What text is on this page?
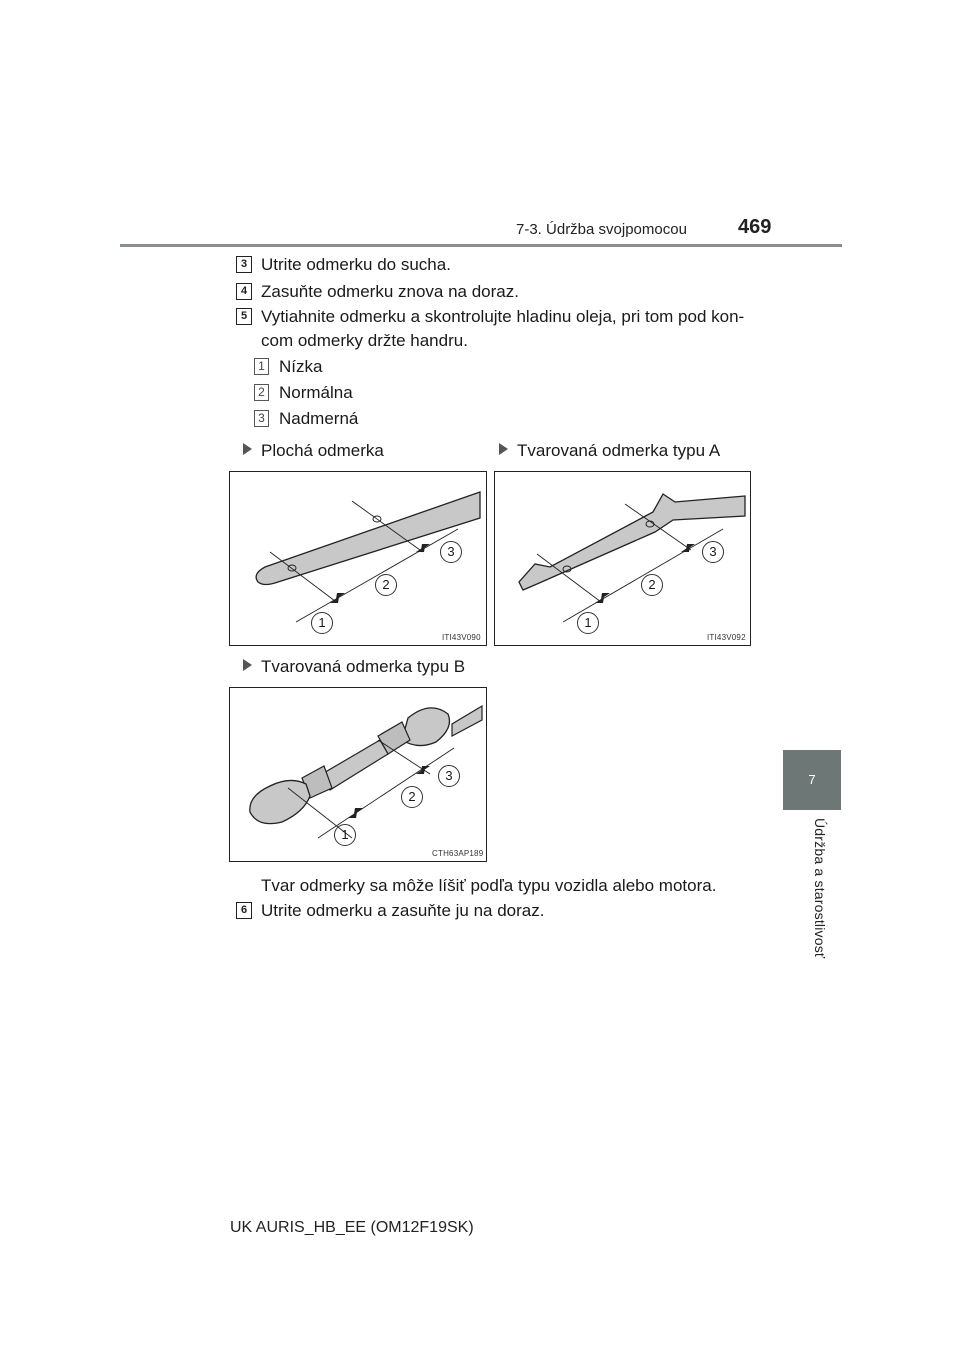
7-3. Údržba svojpomocou	469
7
Údržba a starostlivosť
3 Utrite odmerku do sucha.
4 Zasuňte odmerku znova na doraz.
5 Vytiahnite odmerku a skontrolujte hladinu oleja, pri tom pod kon-
com odmerky držte handru.
1 Nízka
2 Normálna
3 Nadmerná
Plochá odmerka	Tvarovaná odmerka typu A
1
2
3
ITI43V090
1
2
3
ITI43V092
Tvarovaná odmerka typu B
1
2
3
CTH63AP189
Tvar odmerky sa môže líšiť podľa typu vozidla alebo motora.
6 Utrite odmerku a zasuňte ju na doraz.
UK AURIS_HB_EE (OM12F19SK)
